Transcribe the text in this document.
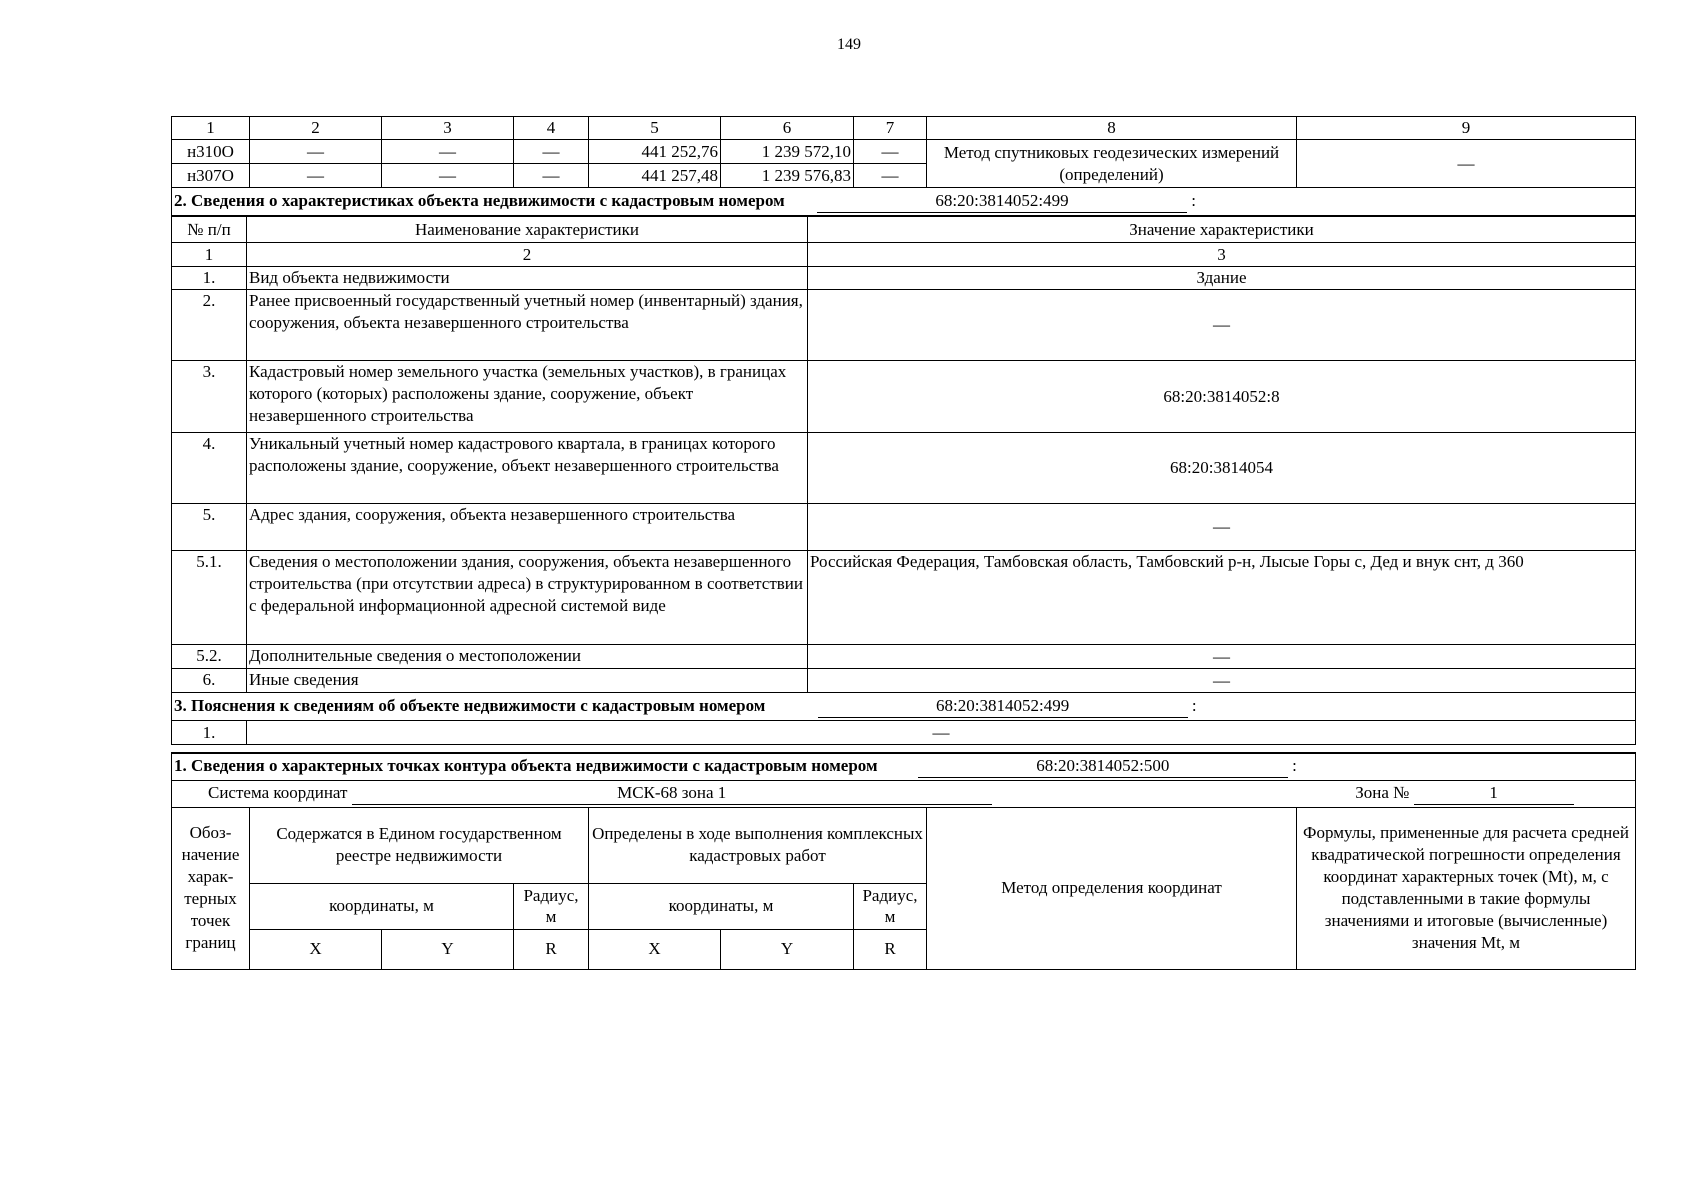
149
1	2	3	4	5	6	7	8	9
н310О	—	—	—	441 252,76	1 239 572,10	—	Метод спутниковых геодезических измерений (определений)	—
н307О	—	—	—	441 257,48	1 239 576,83	—		
2. Сведения о характеристиках объекта недвижимости с кадастровым номером 68:20:3814052:499 :								
№ п/п	Наименование характеристики	Значение характеристики
1	2	3
1.	Вид объекта недвижимости	Здание
2.	Ранее присвоенный государственный учетный номер (инвентарный) здания, сооружения, объекта незавершенного строительства	—
3.	Кадастровый номер земельного участка (земельных участков), в границах которого (которых) расположены здание, сооружение, объект незавершенного строительства	68:20:3814052:8
4.	Уникальный учетный номер кадастрового квартала, в границах которого расположены здание, сооружение, объект незавершенного строительства	68:20:3814054
5.	Адрес здания, сооружения, объекта незавершенного строительства	—
5.1.	Сведения о местоположении здания, сооружения, объекта незавершенного строительства (при отсутствии адреса) в структурированном в соответствии с федеральной информационной адресной системой виде	Российская Федерация, Тамбовская область, Тамбовский р-н, Лысые Горы с, Дед и внук снт, д 360
5.2.	Дополнительные сведения о местоположении	—
6.	Иные сведения	—
3. Пояснения к сведениям об объекте недвижимости с кадастровым номером 68:20:3814052:499 :		
1.	—	
1. Сведения о характерных точках контура объекта недвижимости с кадастровым номером 68:20:3814052:500 :								
Система координат МСК-68 зона 1 Зона № 1								
Обоз- начение харак- терных точек границ	Содержатся в Едином государственном реестре недвижимости			Определены в ходе выполнения комплексных кадастровых работ			Метод определения координат	Формулы, примененные для расчета средней квадратической погрешности определения координат характерных точек (Mt), м, с подставленными в такие формулы значениями и итоговые (вычисленные) значения Mt, м
	координаты, м		Радиус, м	координаты, м		Радиус, м		
	X	Y	R	X	Y	R		
